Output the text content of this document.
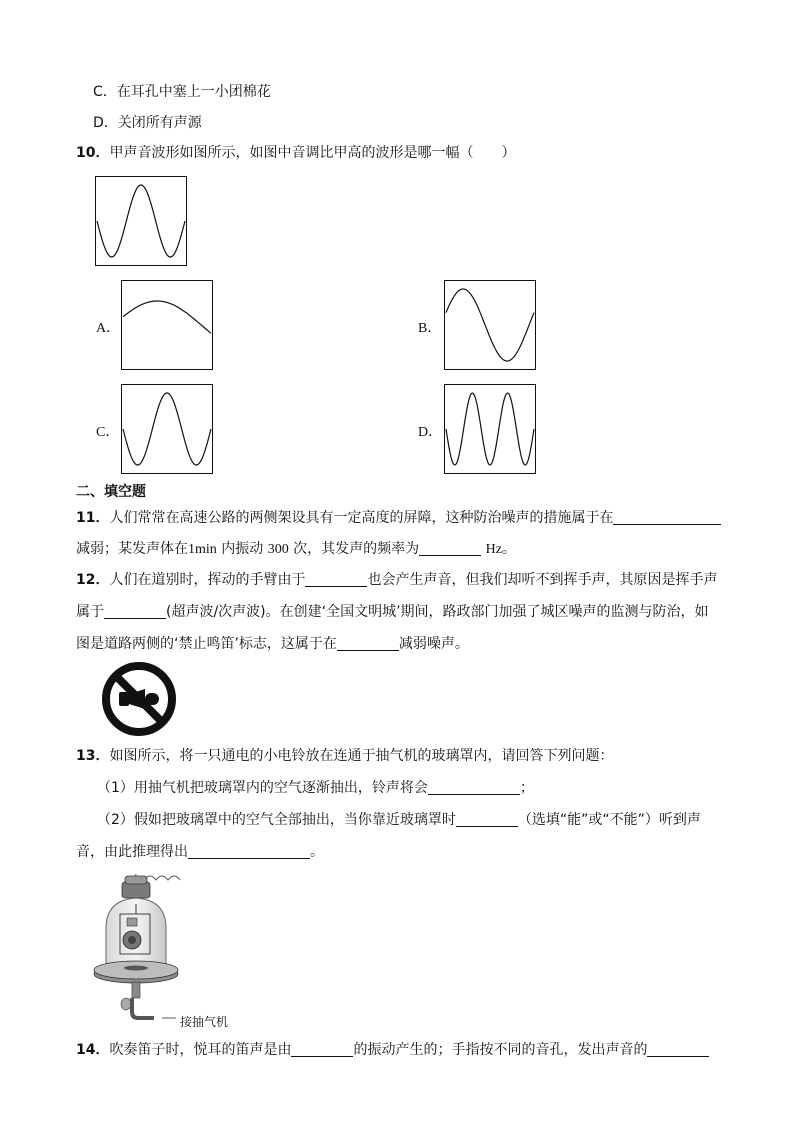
C．在耳孔中塞上一小团棉花
D．关闭所有声源
10．甲声音波形如图所示，如图中音调比甲高的波形是哪一幅（　　）
A．	B．
C．	D．
二、填空题
11．人们常常在高速公路的两侧架设具有一定高度的屏障，这种防治噪声的措施属于在
减弱；某发声体在1min 内振动 300 次，其发声的频率为	Hz。
12．人们在道别时，挥动的手臂由于	也会产生声音，但我们却听不到挥手声，其原因是挥手声
属于	(超声波/次声波)。在创建‘全国文明城’期间，路政部门加强了城区噪声的监测与防治，如
图是道路两侧的‘禁止鸣笛’标志，这属于在	减弱噪声。
13．如图所示，将一只通电的小电铃放在连通于抽气机的玻璃罩内，请回答下列问题：
（1）用抽气机把玻璃罩内的空气逐渐抽出，铃声将会	；
（2）假如把玻璃罩中的空气全部抽出，当你靠近玻璃罩时	（选填“能”或“不能”）听到声
音，由此推理得出	。
接抽气机
14．吹奏笛子时，悦耳的笛声是由	的振动产生的；手指按不同的音孔，发出声音的
